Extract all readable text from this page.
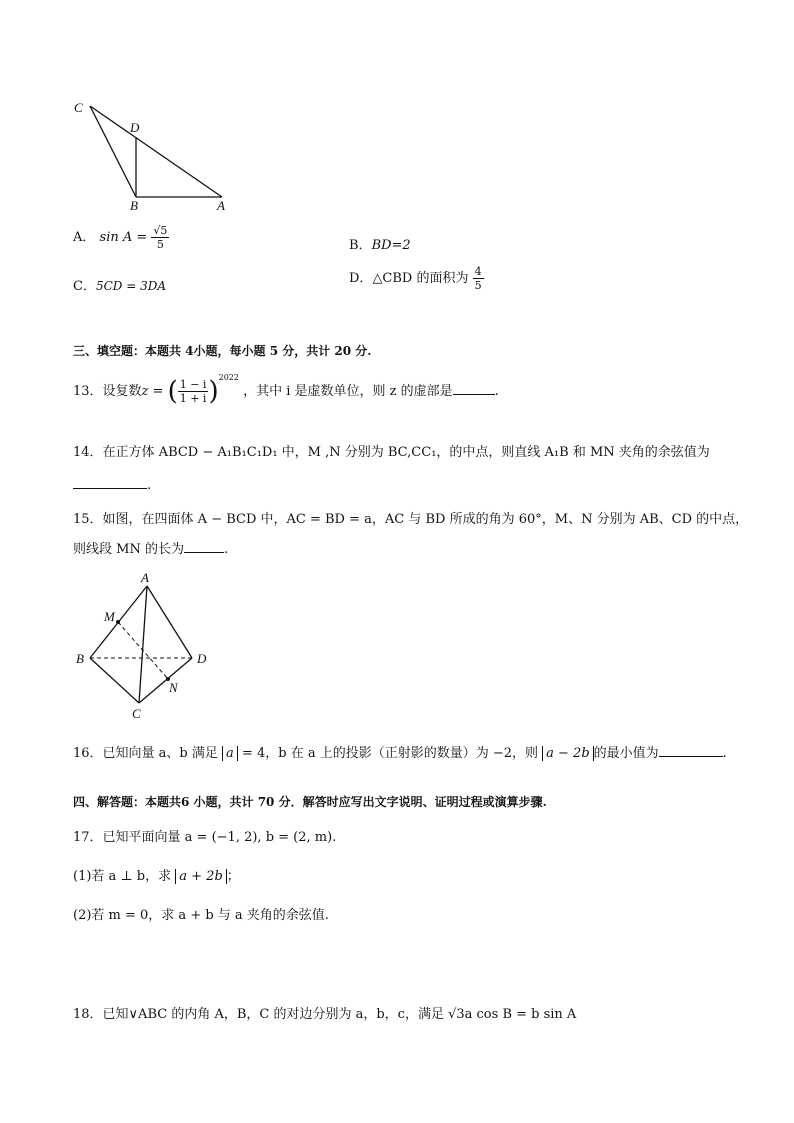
C
D
B	A
A． $\sin A = \frac{√5}{5}$	B．BD=2
C．5CD = 3DA	D．△CBD 的面积为 $\frac{4}{5}$
三、填空题：本题共 4小题，每小题 5 分，共计 20 分.
13．设复数z = ( $\frac{1 - i}{1 + i} )^{2022}$ ，其中 i 是虚数单位，则 z 的虚部是	.
14．在正方体 ABCD − A₁B₁C₁D₁ 中，M ,N 分别为 BC,CC₁，的中点，则直线 A₁B 和 MN 夹角的余弦值为
.
15．如图，在四面体 A − BCD 中，AC = BD = a，AC 与 BD 所成的角为 60°，M、N 分别为 AB、CD 的中点，
则线段 MN 的长为	.
A
M
B	D
N
C
16．已知向量 a、b 满足 a = 4，b 在 a 上的投影（正射影的数量）为 −2，则 a − 2b 的最小值为	.
四、解答题：本题共6 小题，共计 70 分．解答时应写出文字说明、证明过程或演算步骤.
17．已知平面向量 a = (−1, 2), b = (2, m).
(1)若 a ⊥ b，求 a + 2b ；
(2)若 m = 0，求 a + b 与 a 夹角的余弦值.
18．已知∨ABC 的内角 A，B，C 的对边分别为 a，b，c，满足 √3a cos B = b sin A
